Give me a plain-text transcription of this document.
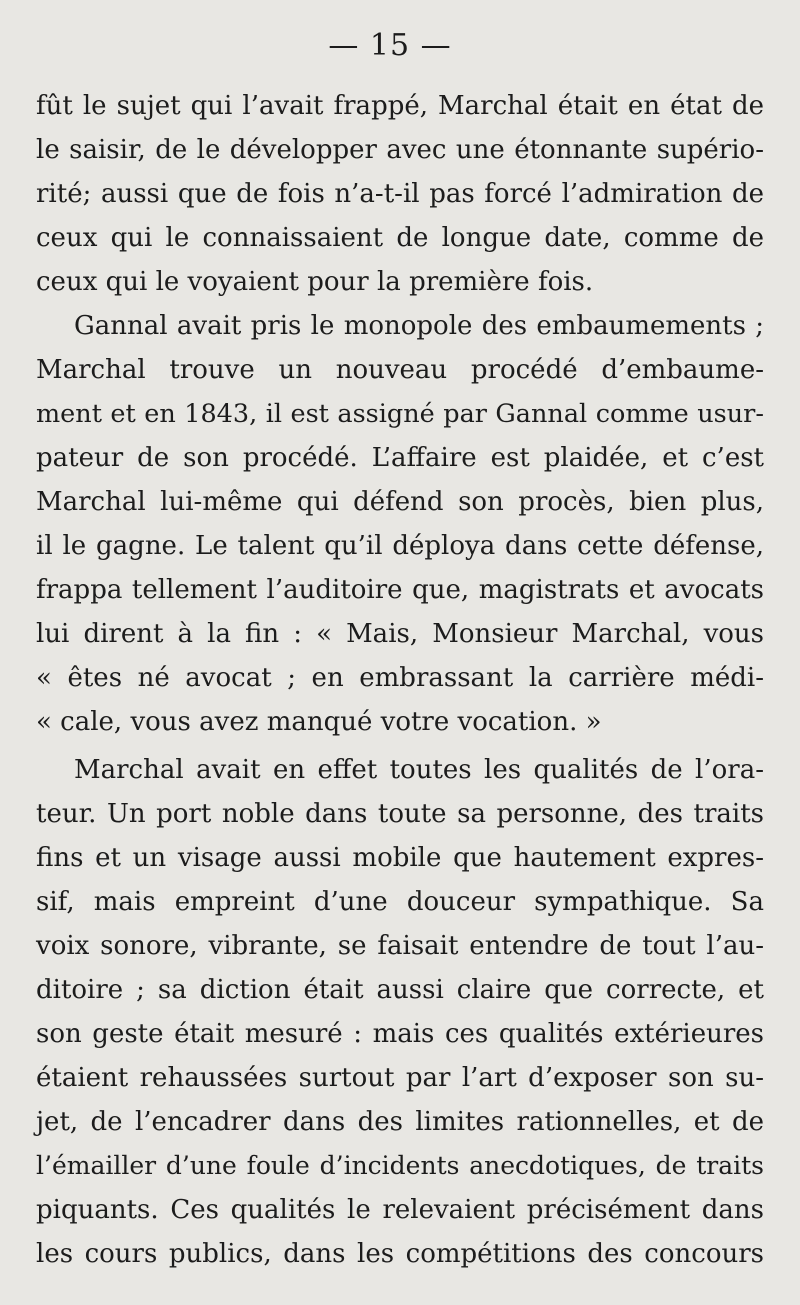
— 15 —
fût le sujet qui l’avait frappé, Marchal était en état de
le saisir, de le développer avec une étonnante supério-
rité; aussi que de fois n’a-t-il pas forcé l’admiration de
ceux qui le connaissaient de longue date, comme de
ceux qui le voyaient pour la première fois.
Gannal avait pris le monopole des embaumements ;
Marchal trouve un nouveau procédé d’embaume-
ment et en 1843, il est assigné par Gannal comme usur-
pateur de son procédé. L’affaire est plaidée, et c’est
Marchal lui-même qui défend son procès, bien plus,
il le gagne. Le talent qu’il déploya dans cette défense,
frappa tellement l’auditoire que, magistrats et avocats
lui dirent à la fin : « Mais, Monsieur Marchal, vous
« êtes né avocat ; en embrassant la carrière médi-
« cale, vous avez manqué votre vocation. »
Marchal avait en effet toutes les qualités de l’ora-
teur. Un port noble dans toute sa personne, des traits
fins et un visage aussi mobile que hautement expres-
sif, mais empreint d’une douceur sympathique. Sa
voix sonore, vibrante, se faisait entendre de tout l’au-
ditoire ; sa diction était aussi claire que correcte, et
son geste était mesuré : mais ces qualités extérieures
étaient rehaussées surtout par l’art d’exposer son su-
jet, de l’encadrer dans des limites rationnelles, et de
l’émailler d’une foule d’incidents anecdotiques, de traits
piquants. Ces qualités le relevaient précisément dans
les cours publics, dans les compétitions des concours
